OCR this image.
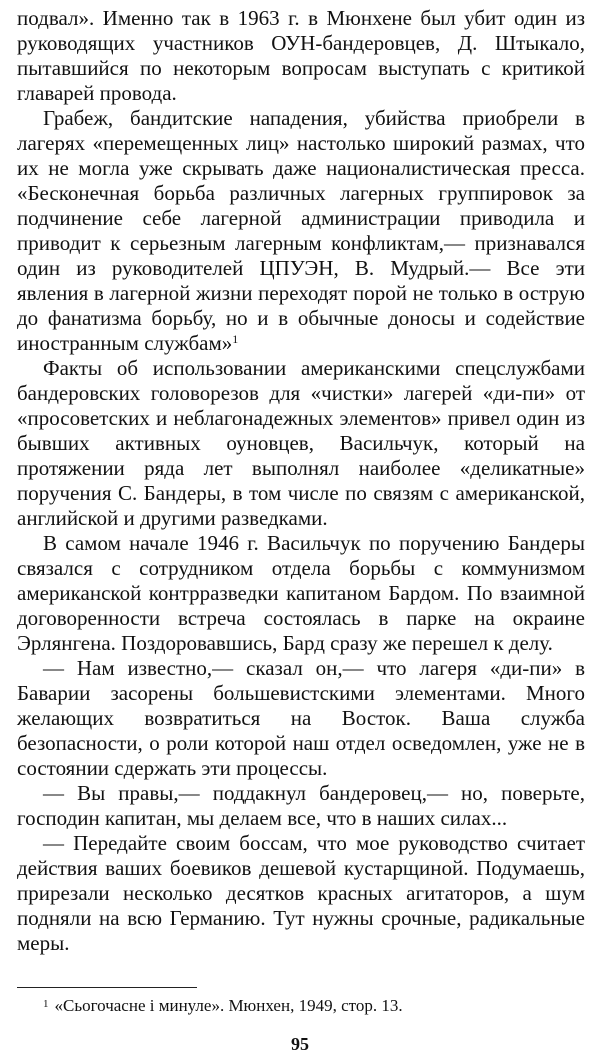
подвал». Именно так в 1963 г. в Мюнхене был убит один из руководящих участников ОУН-бандеровцев, Д. Штыкало, пытавшийся по некоторым вопросам выступать с критикой главарей провода.

Грабеж, бандитские нападения, убийства приобрели в лагерях «перемещенных лиц» настолько широкий размах, что их не могла уже скрывать даже националистическая пресса. «Бесконечная борьба различных лагерных группировок за подчинение себе лагерной администрации приводила и приводит к серьезным лагерным конфликтам,— признавался один из руководителей ЦПУЭН, В. Мудрый.— Все эти явления в лагерной жизни переходят порой не только в острую до фанатизма борьбу, но и в обычные доносы и содействие иностранным службам»$^1$

Факты об использовании американскими спецслужбами бандеровских головорезов для «чистки» лагерей «ди-пи» от «просоветских и неблагонадежных элементов» привел один из бывших активных оуновцев, Васильчук, который на протяжении ряда лет выполнял наиболее «деликатные» поручения С. Бандеры, в том числе по связям с американской, английской и другими разведками.

В самом начале 1946 г. Васильчук по поручению Бандеры связался с сотрудником отдела борьбы с коммунизмом американской контрразведки капитаном Бардом. По взаимной договоренности встреча состоялась в парке на окраине Эрлянгена. Поздоровавшись, Бард сразу же перешел к делу.

— Нам известно,— сказал он,— что лагеря «ди-пи» в Баварии засорены большевистскими элементами. Много желающих возвратиться на Восток. Ваша служба безопасности, о роли которой наш отдел осведомлен, уже не в состоянии сдержать эти процессы.

— Вы правы,— поддакнул бандеровец,— но, поверьте, господин капитан, мы делаем все, что в наших силах...

— Передайте своим боссам, что мое руководство считает действия ваших боевиков дешевой кустарщиной. Подумаешь, прирезали несколько десятков красных агитаторов, а шум подняли на всю Германию. Тут нужны срочные, радикальные меры.

$^1$ «Сьогочасне і минуле». Мюнхен, 1949, стор. 13.
95
